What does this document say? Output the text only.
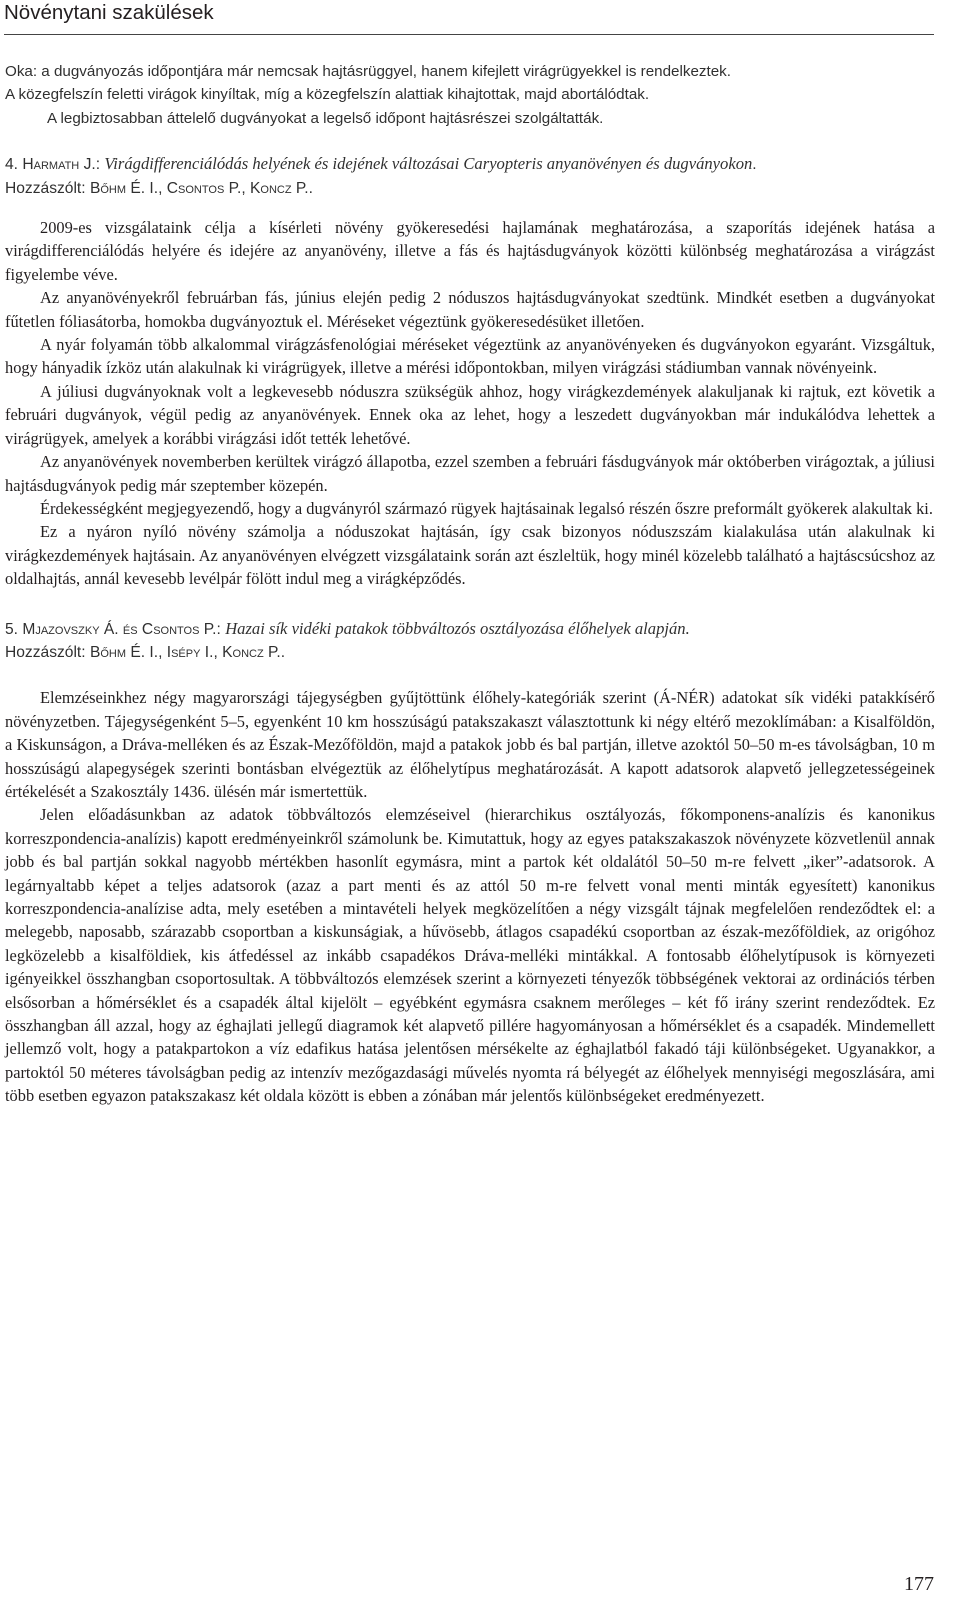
Növénytani szakülések

Oka: a dugványozás időpontjára már nemcsak hajtásrüggyel, hanem kifejlett virágrügyekkel is rendelkeztek.

A közegfelszín feletti virágok kinyíltak, míg a közegfelszín alattiak kihajtottak, majd abortálódtak.

A legbiztosabban áttelelő dugványokat a legelső időpont hajtásrészei szolgáltatták.

4. Harmath J.: Virágdifferenciálódás helyének és idejének változásai Caryopteris anyanövényen és dugványokon.

Hozzászólt: Bőhm É. I., Csontos P., Koncz P..

2009-es vizsgálataink célja a kísérleti növény gyökeresedési hajlamának meghatározása, a szaporítás idejének hatása a virágdifferenciálódás helyére és idejére az anyanövény, illetve a fás és hajtásdugványok közötti különbség meghatározása a virágzást figyelembe véve.

Az anyanövényekről februárban fás, június elején pedig 2 nóduszos hajtásdugványokat szedtünk. Mindkét esetben a dugványokat fűtetlen fóliasátorba, homokba dugványoztuk el. Méréseket végeztünk gyökeresedésüket illetően.

A nyár folyamán több alkalommal virágzásfenológiai méréseket végeztünk az anyanövényeken és dugványokon egyaránt. Vizsgáltuk, hogy hányadik ízköz után alakulnak ki virágrügyek, illetve a mérési időpontokban, milyen virágzási stádiumban vannak növényeink.

A júliusi dugványoknak volt a legkevesebb nóduszra szükségük ahhoz, hogy virágkezdemények alakuljanak ki rajtuk, ezt követik a februári dugványok, végül pedig az anyanövények. Ennek oka az lehet, hogy a leszedett dugványokban már indukálódva lehettek a virágrügyek, amelyek a korábbi virágzási időt tették lehetővé.

Az anyanövények novemberben kerültek virágzó állapotba, ezzel szemben a februári fásdugványok már októberben virágoztak, a júliusi hajtásdugványok pedig már szeptember közepén.

Érdekességként megjegyezendő, hogy a dugványról származó rügyek hajtásainak legalsó részén őszre preformált gyökerek alakultak ki.

Ez a nyáron nyíló növény számolja a nóduszokat hajtásán, így csak bizonyos nóduszszám kialakulása után alakulnak ki virágkezdemények hajtásain. Az anyanövényen elvégzett vizsgálataink során azt észleltük, hogy minél közelebb található a hajtáscsúcshoz az oldalhajtás, annál kevesebb levélpár fölött indul meg a virágképződés.

5. Mjazovszky Á. és Csontos P.: Hazai sík vidéki patakok többváltozós osztályozása élőhelyek alapján.

Hozzászólt: Bőhm É. I., Isépy I., Koncz P..

Elemzéseinkhez négy magyarországi tájegységben gyűjtöttünk élőhely-kategóriák szerint (Á-NÉR) adatokat sík vidéki patakkísérő növényzetben. Tájegységenként 5–5, egyenként 10 km hosszúságú patakszakaszt választottunk ki négy eltérő mezoklímában: a Kisalföldön, a Kiskunságon, a Dráva-melléken és az Észak-Mezőföldön, majd a patakok jobb és bal partján, illetve azoktól 50–50 m-es távolságban, 10 m hosszúságú alapegységek szerinti bontásban elvégeztük az élőhelytípus meghatározását. A kapott adatsorok alapvető jellegzetességeinek értékelését a Szakosztály 1436. ülésén már ismertettük.

Jelen előadásunkban az adatok többváltozós elemzéseivel (hierarchikus osztályozás, főkomponens-analízis és kanonikus korreszpondencia-analízis) kapott eredményeinkről számolunk be. Kimutattuk, hogy az egyes patakszakaszok növényzete közvetlenül annak jobb és bal partján sokkal nagyobb mértékben hasonlít egymásra, mint a partok két oldalától 50–50 m-re felvett „iker”-adatsorok. A legárnyaltabb képet a teljes adatsorok (azaz a part menti és az attól 50 m-re felvett vonal menti minták egyesített) kanonikus korreszpondencia-analízise adta, mely esetében a mintavételi helyek megközelítően a négy vizsgált tájnak megfelelően rendeződtek el: a melegebb, naposabb, szárazabb csoportban a kiskunságiak, a hűvösebb, átlagos csapadékú csoportban az észak-mezőföldiek, az origóhoz legközelebb a kisalföldiek, kis átfedéssel az inkább csapadékos Dráva-melléki mintákkal. A fontosabb élőhelytípusok is környezeti igényeikkel összhangban csoportosultak. A többváltozós elemzések szerint a környezeti tényezők többségének vektorai az ordinációs térben elsősorban a hőmérséklet és a csapadék által kijelölt – egyébként egymásra csaknem merőleges – két fő irány szerint rendeződtek. Ez összhangban áll azzal, hogy az éghajlati jellegű diagramok két alapvető pillére hagyományosan a hőmérséklet és a csapadék. Mindemellett jellemző volt, hogy a patakpartokon a víz edafikus hatása jelentősen mérsékelte az éghajlatból fakadó táji különbségeket. Ugyanakkor, a partoktól 50 méteres távolságban pedig az intenzív mezőgazdasági művelés nyomta rá bélyegét az élőhelyek mennyiségi megoszlására, ami több esetben egyazon patakszakasz két oldala között is ebben a zónában már jelentős különbségeket eredményezett.

177
